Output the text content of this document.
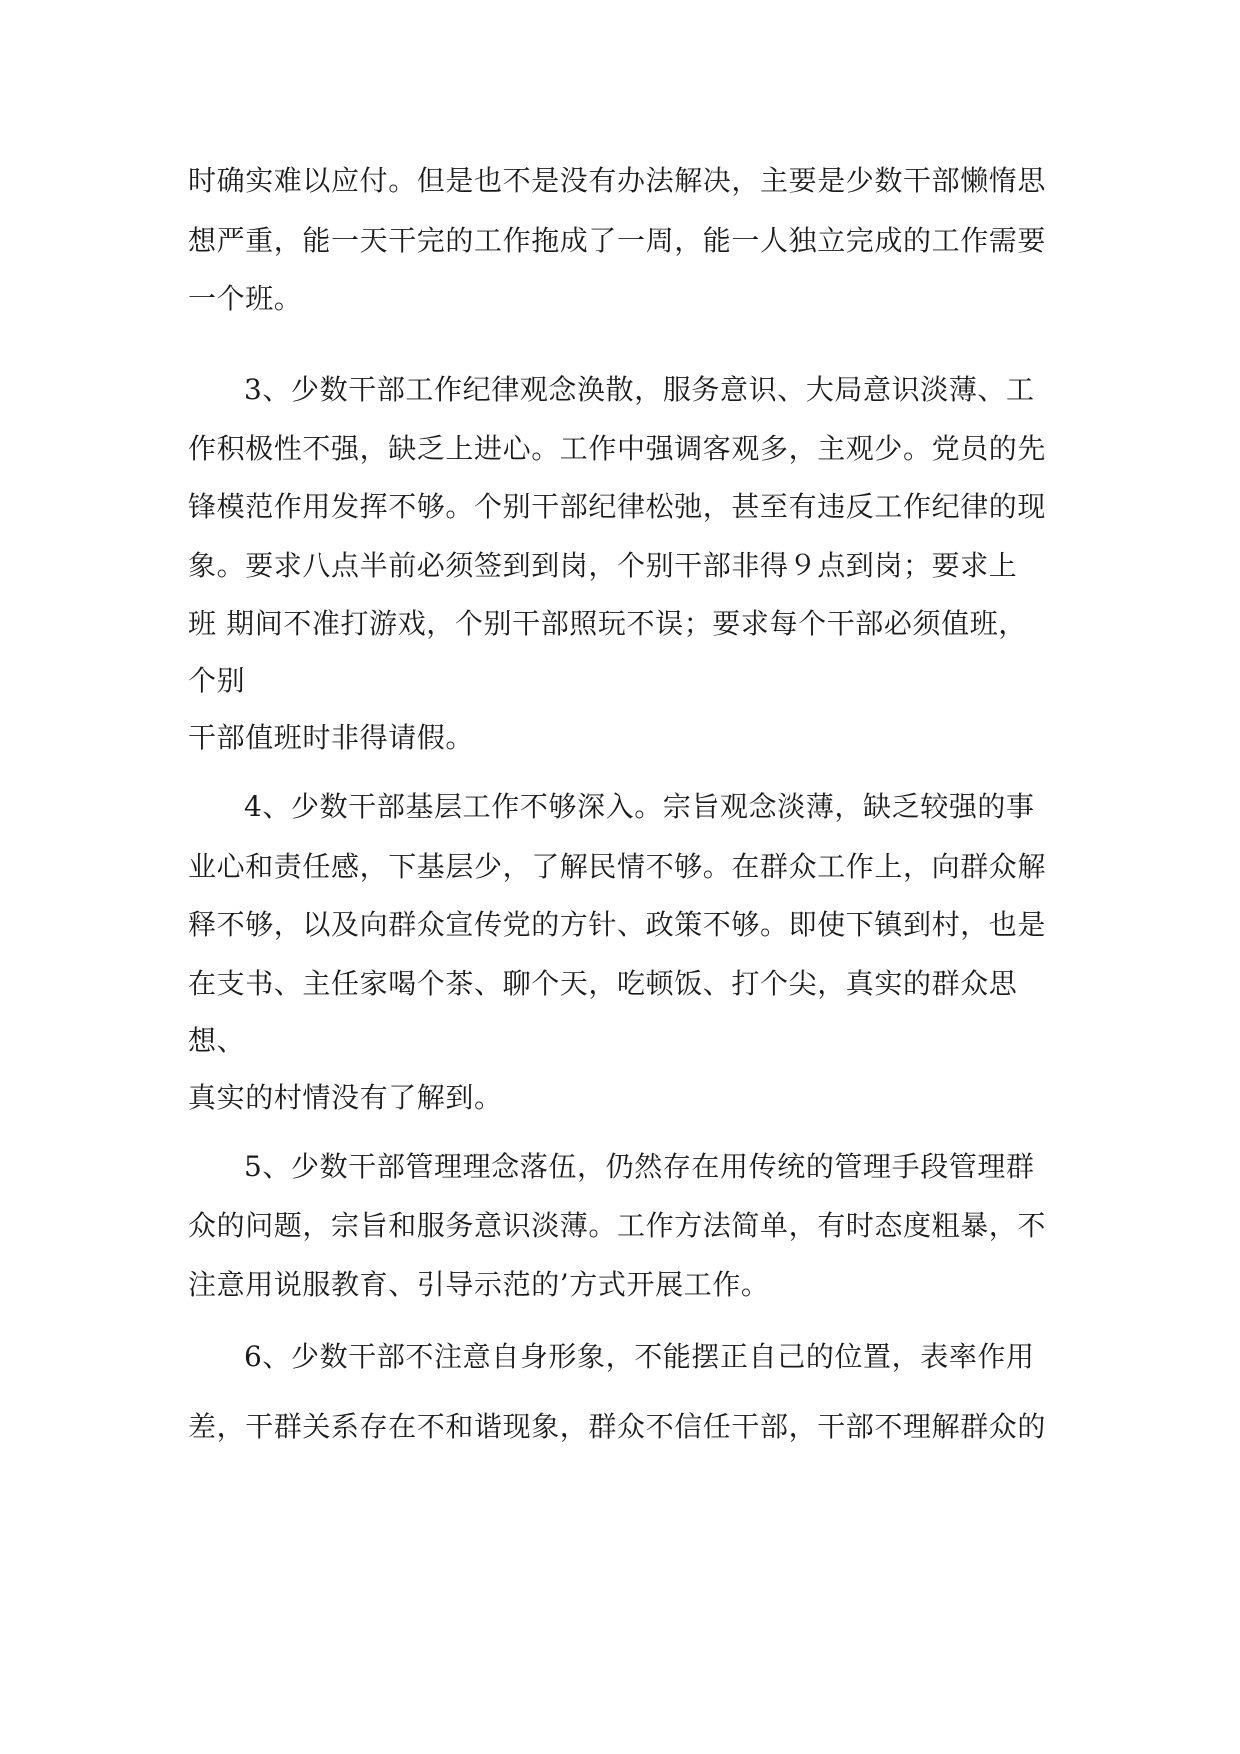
时确实难以应付。但是也不是没有办法解决，主要是少数干部懒惰思
想严重，能一天干完的工作拖成了一周，能一人独立完成的工作需要
一个班。
3、少数干部工作纪律观念涣散，服务意识、大局意识淡薄、工
作积极性不强，缺乏上进心。工作中强调客观多，主观少。党员的先
锋模范作用发挥不够。个别干部纪律松弛，甚至有违反工作纪律的现
象。要求八点半前必须签到到岗，个别干部非得９点到岗；要求上
班 期间不准打游戏，个别干部照玩不误；要求每个干部必须值班，
个别
干部值班时非得请假。
4、少数干部基层工作不够深入。宗旨观念淡薄，缺乏较强的事
业心和责任感，下基层少，了解民情不够。在群众工作上，向群众解
释不够，以及向群众宣传党的方针、政策不够。即使下镇到村，也是
在支书、主任家喝个茶、聊个天，吃顿饭、打个尖，真实的群众思
想、
真实的村情没有了解到。
5、少数干部管理理念落伍，仍然存在用传统的管理手段管理群
众的问题，宗旨和服务意识淡薄。工作方法简单，有时态度粗暴，不
注意用说服教育、引导示范的’方式开展工作。
6、少数干部不注意自身形象，不能摆正自己的位置，表率作用
差，干群关系存在不和谐现象，群众不信任干部，干部不理解群众的
